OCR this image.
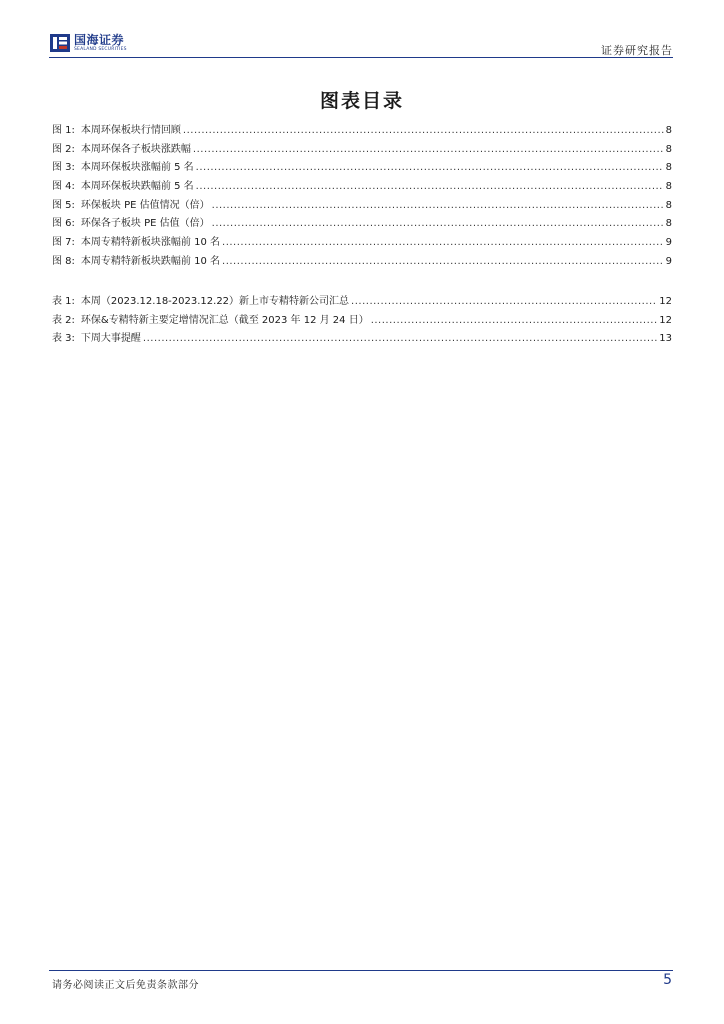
国海证券
SEALAND SECURITIES	证券研究报告
图表目录
图 1: 本周环保板块行情回顾 .....	8
图 2: 本周环保各子板块涨跌幅 .....	8
图 3: 本周环保板块涨幅前 5 名 .....	8
图 4: 本周环保板块跌幅前 5 名 .....	8
图 5: 环保板块 PE 估值情况（倍） .....	8
图 6: 环保各子板块 PE 估值（倍） .....	8
图 7: 本周专精特新板块涨幅前 10 名 .....	9
图 8: 本周专精特新板块跌幅前 10 名 .....	9
表 1: 本周（2023.12.18-2023.12.22）新上市专精特新公司汇总 .....	12
表 2: 环保&专精特新主要定增情况汇总（截至 2023 年 12 月 24 日） .....	12
表 3: 下周大事提醒 .....	13
请务必阅读正文后免责条款部分	5
